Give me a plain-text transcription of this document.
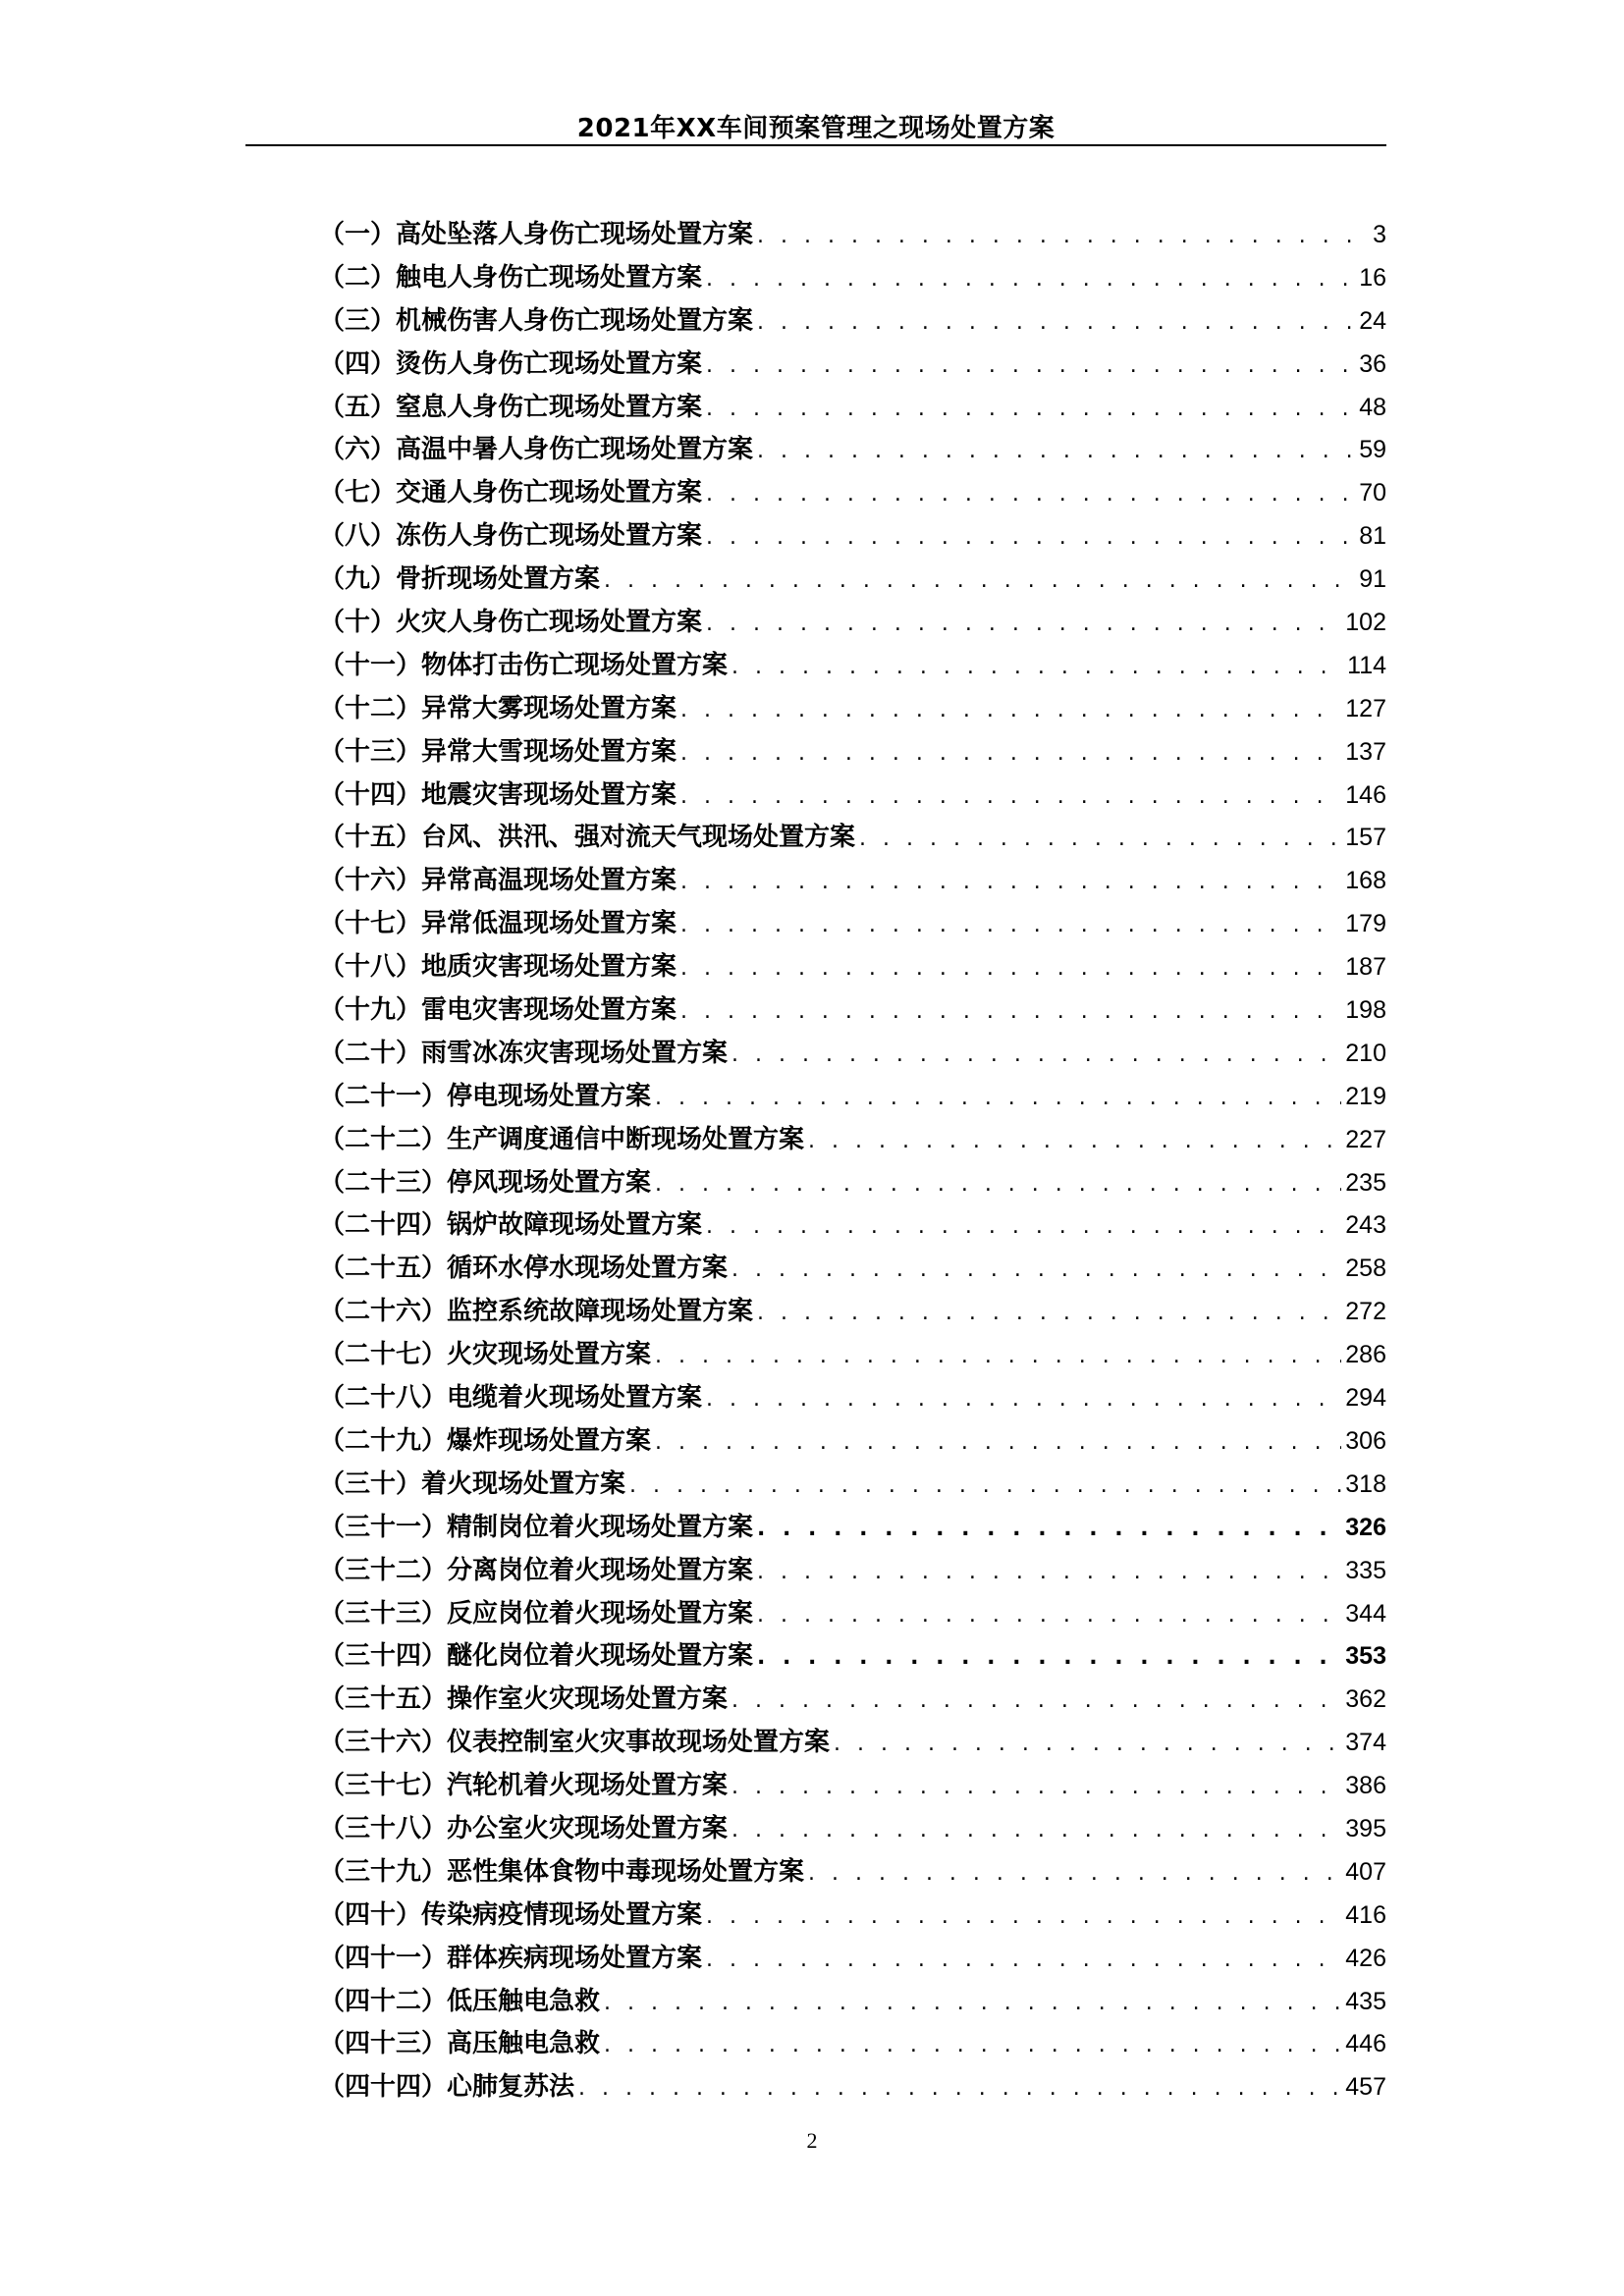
2021年XX车间预案管理之现场处置方案
（一）高处坠落人身伤亡现场处置方案 . . .	3
（二）触电人身伤亡现场处置方案 . . .	16
（三）机械伤害人身伤亡现场处置方案 . . .	24
（四）烫伤人身伤亡现场处置方案 . . .	36
（五）窒息人身伤亡现场处置方案 . . .	48
（六）高温中暑人身伤亡现场处置方案 . . .	59
（七）交通人身伤亡现场处置方案 . . .	70
（八）冻伤人身伤亡现场处置方案 . . .	81
（九）骨折现场处置方案 . . .	91
（十）火灾人身伤亡现场处置方案 . . .	102
（十一）物体打击伤亡现场处置方案 . . .	114
（十二）异常大雾现场处置方案 . . .	127
（十三）异常大雪现场处置方案 . . .	137
（十四）地震灾害现场处置方案 . . .	146
（十五）台风、洪汛、强对流天气现场处置方案 . . .	157
（十六）异常高温现场处置方案 . . .	168
（十七）异常低温现场处置方案 . . .	179
（十八）地质灾害现场处置方案 . . .	187
（十九）雷电灾害现场处置方案 . . .	198
（二十）雨雪冰冻灾害现场处置方案 . . .	210
（二十一）停电现场处置方案 . . .	219
（二十二）生产调度通信中断现场处置方案 . . .	227
（二十三）停风现场处置方案 . . .	235
（二十四）锅炉故障现场处置方案 . . .	243
（二十五）循环水停水现场处置方案 . . .	258
（二十六）监控系统故障现场处置方案 . . .	272
（二十七）火灾现场处置方案 . . .	286
（二十八）电缆着火现场处置方案 . . .	294
（二十九）爆炸现场处置方案 . . .	306
（三十）着火现场处置方案 . . .	318
（三十一）精制岗位着火现场处置方案 . . .	326
（三十二）分离岗位着火现场处置方案 . . .	335
（三十三）反应岗位着火现场处置方案 . . .	344
（三十四）醚化岗位着火现场处置方案 . . .	353
（三十五）操作室火灾现场处置方案 . . .	362
（三十六）仪表控制室火灾事故现场处置方案 . . .	374
（三十七）汽轮机着火现场处置方案 . . .	386
（三十八）办公室火灾现场处置方案 . . .	395
（三十九）恶性集体食物中毒现场处置方案 . . .	407
（四十）传染病疫情现场处置方案 . . .	416
（四十一）群体疾病现场处置方案 . . .	426
（四十二）低压触电急救 . . .	435
（四十三）高压触电急救 . . .	446
（四十四）心肺复苏法 . . .	457
2
